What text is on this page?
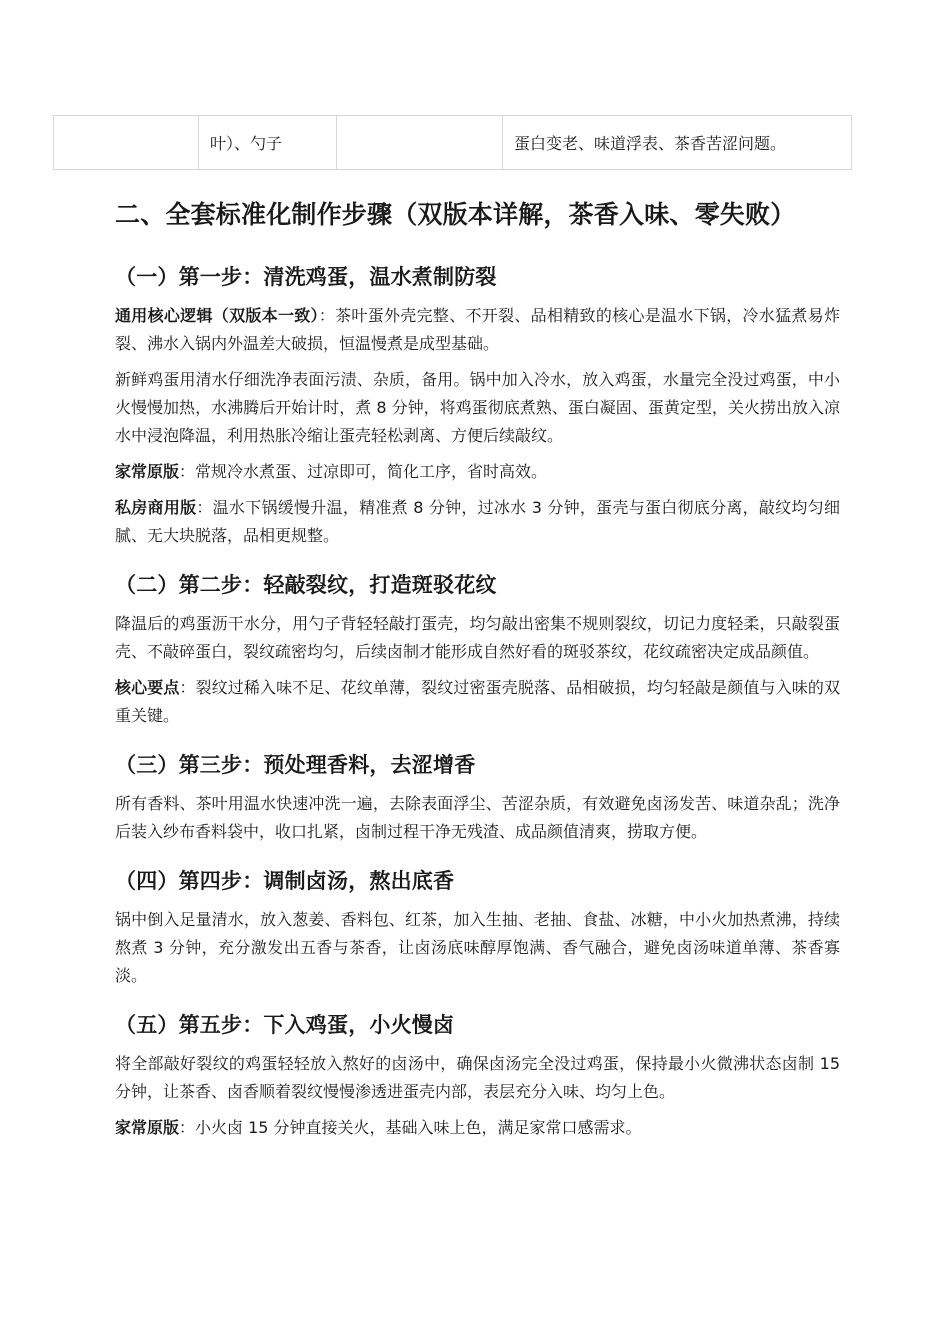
	叶）、勺子		蛋白变老、味道浮表、茶香苦涩问题。
二、全套标准化制作步骤（双版本详解，茶香入味、零失败）
（一）第一步：清洗鸡蛋，温水煮制防裂

通用核心逻辑（双版本一致）：茶叶蛋外壳完整、不开裂、品相精致的核心是温水下锅，冷水猛煮易炸裂、沸水入锅内外温差大破损，恒温慢煮是成型基础。

新鲜鸡蛋用清水仔细洗净表面污渍、杂质，备用。锅中加入冷水，放入鸡蛋，水量完全没过鸡蛋，中小火慢慢加热，水沸腾后开始计时，煮 8 分钟，将鸡蛋彻底煮熟、蛋白凝固、蛋黄定型，关火捞出放入凉水中浸泡降温，利用热胀冷缩让蛋壳轻松剥离、方便后续敲纹。

家常原版：常规冷水煮蛋、过凉即可，简化工序，省时高效。

私房商用版：温水下锅缓慢升温，精准煮 8 分钟，过冰水 3 分钟，蛋壳与蛋白彻底分离，敲纹均匀细腻、无大块脱落，品相更规整。

（二）第二步：轻敲裂纹，打造斑驳花纹

降温后的鸡蛋沥干水分，用勺子背轻轻敲打蛋壳，均匀敲出密集不规则裂纹，切记力度轻柔，只敲裂蛋壳、不敲碎蛋白，裂纹疏密均匀，后续卤制才能形成自然好看的斑驳茶纹，花纹疏密决定成品颜值。

核心要点：裂纹过稀入味不足、花纹单薄，裂纹过密蛋壳脱落、品相破损，均匀轻敲是颜值与入味的双重关键。

（三）第三步：预处理香料，去涩增香

所有香料、茶叶用温水快速冲洗一遍，去除表面浮尘、苦涩杂质，有效避免卤汤发苦、味道杂乱；洗净后装入纱布香料袋中，收口扎紧，卤制过程干净无残渣、成品颜值清爽，捞取方便。

（四）第四步：调制卤汤，熬出底香

锅中倒入足量清水，放入葱姜、香料包、红茶，加入生抽、老抽、食盐、冰糖，中小火加热煮沸，持续熬煮 3 分钟，充分激发出五香与茶香，让卤汤底味醇厚饱满、香气融合，避免卤汤味道单薄、茶香寡淡。

（五）第五步：下入鸡蛋，小火慢卤

将全部敲好裂纹的鸡蛋轻轻放入熬好的卤汤中，确保卤汤完全没过鸡蛋，保持最小火微沸状态卤制 15 分钟，让茶香、卤香顺着裂纹慢慢渗透进蛋壳内部，表层充分入味、均匀上色。

家常原版：小火卤 15 分钟直接关火，基础入味上色，满足家常口感需求。
